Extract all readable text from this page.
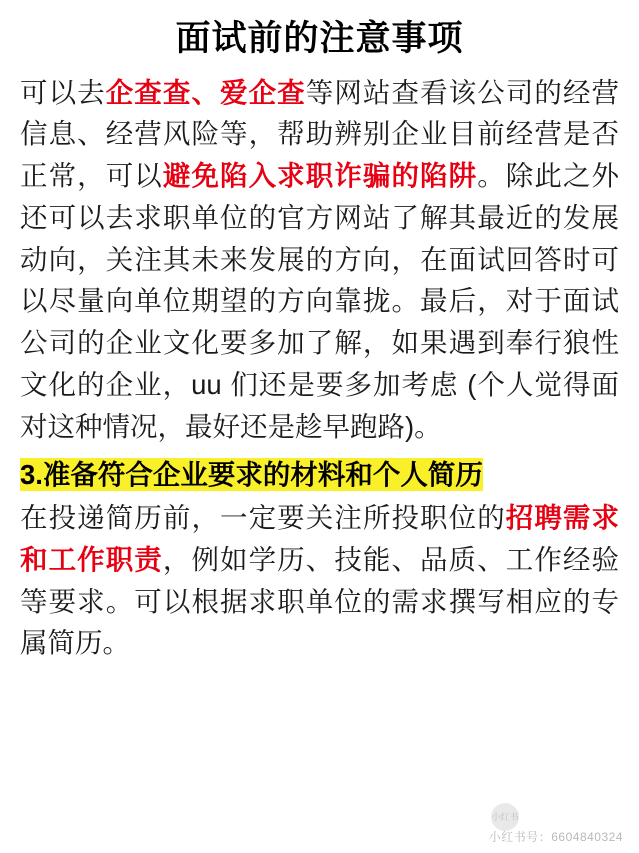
面试前的注意事项

可以去企查查、爱企查等网站查看该公司的经营信息、经营风险等，帮助辨别企业目前经营是否正常，可以避免陷入求职诈骗的陷阱。除此之外还可以去求职单位的官方网站了解其最近的发展动向，关注其未来发展的方向，在面试回答时可以尽量向单位期望的方向靠拢。最后，对于面试公司的企业文化要多加了解，如果遇到奉行狼性文化的企业，uu 们还是要多加考虑 (个人觉得面对这种情况，最好还是趁早跑路)。

3.准备符合企业要求的材料和个人简历

在投递简历前，一定要关注所投职位的招聘需求和工作职责，例如学历、技能、品质、工作经验等要求。可以根据求职单位的需求撰写相应的专属简历。

小红书
小红书号：6604840324
